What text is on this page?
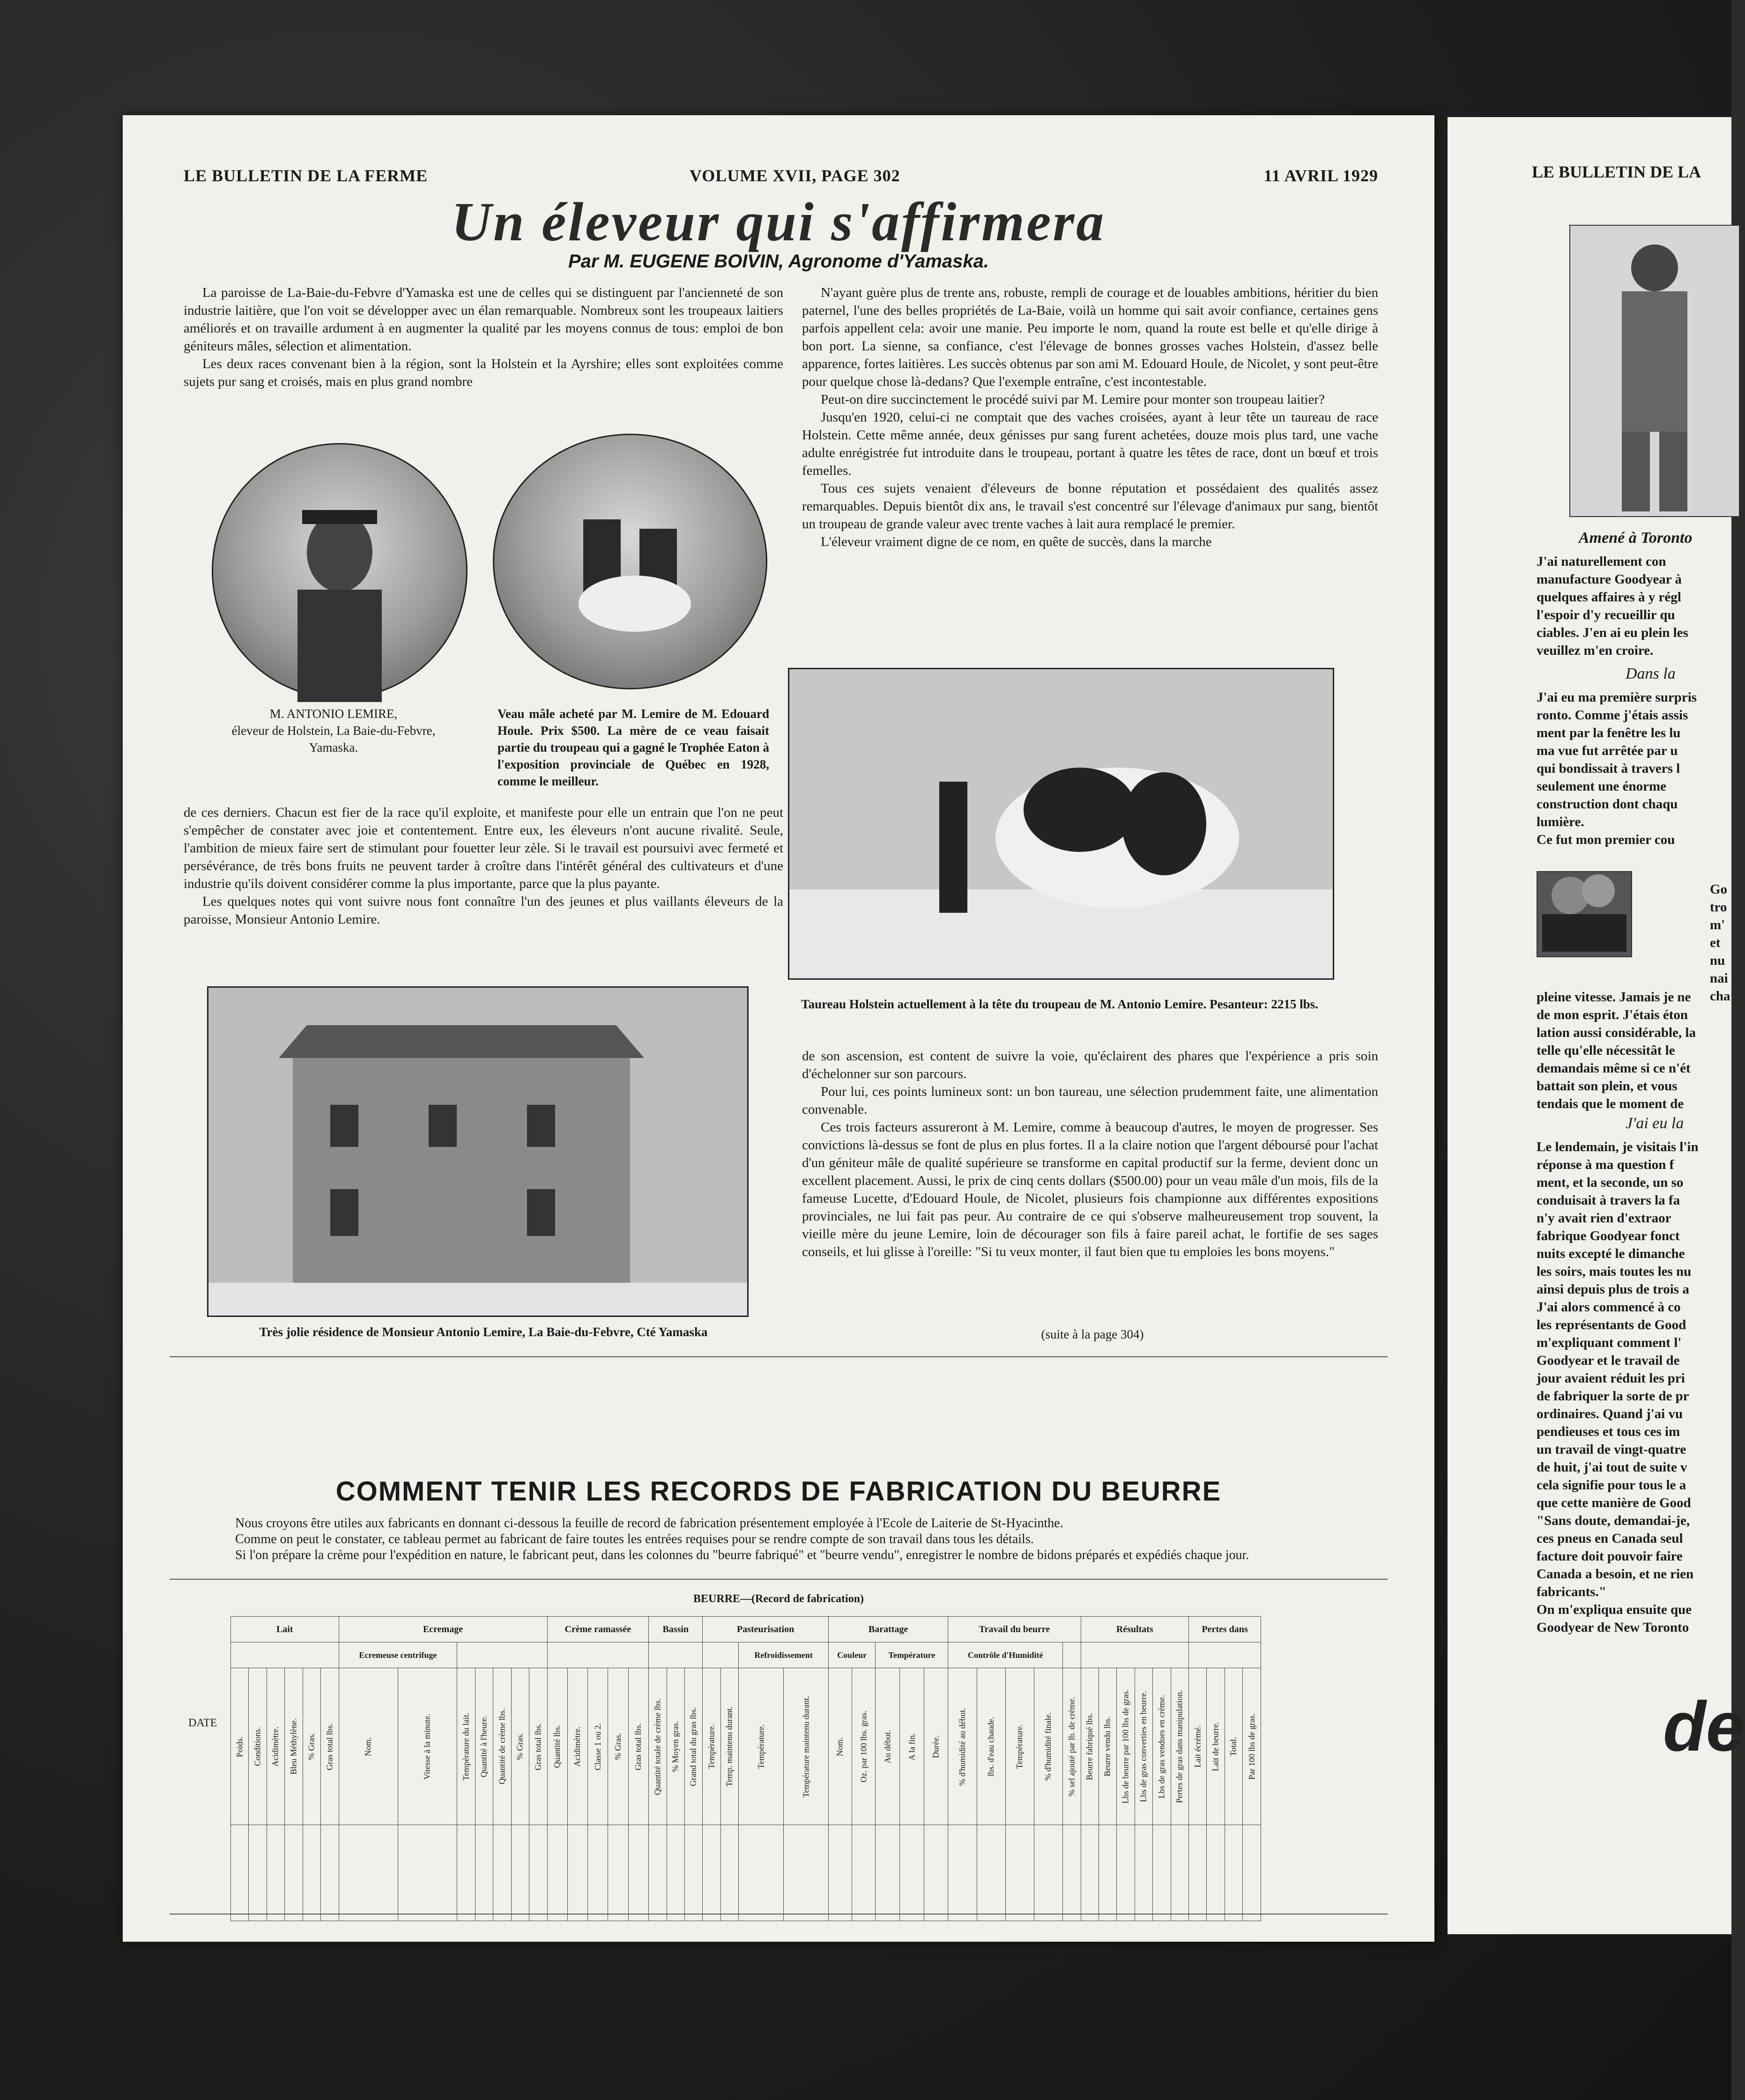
LE BULLETIN DE LA FERME	VOLUME XVII, PAGE 302	11 AVRIL 1929
Un éleveur qui s'affirmera
Par M. EUGENE BOIVIN, Agronome d'Yamaska.

La paroisse de La-Baie-du-Febvre d'Yamaska est une de celles qui se distinguent par l'ancienneté de son industrie laitière, que l'on voit se développer avec un élan remarquable. Nombreux sont les troupeaux laitiers améliorés et on travaille ardument à en augmenter la qualité par les moyens connus de tous: emploi de bon géniteurs mâles, sélection et alimentation.

Les deux races convenant bien à la région, sont la Holstein et la Ayrshire; elles sont exploitées comme sujets pur sang et croisés, mais en plus grand nombre

M. ANTONIO LEMIRE,
éleveur de Holstein, La Baie-du-Febvre,
Yamaska.
Veau mâle acheté par M. Lemire de M. Edouard Houle. Prix $500. La mère de ce veau faisait partie du troupeau qui a gagné le Trophée Eaton à l'exposition provinciale de Québec en 1928, comme le meilleur.

de ces derniers. Chacun est fier de la race qu'il exploite, et manifeste pour elle un entrain que l'on ne peut s'empêcher de constater avec joie et contentement. Entre eux, les éleveurs n'ont aucune rivalité. Seule, l'ambition de mieux faire sert de stimulant pour fouetter leur zèle. Si le travail est poursuivi avec fermeté et persévérance, de très bons fruits ne peuvent tarder à croître dans l'intérêt général des cultivateurs et d'une industrie qu'ils doivent considérer comme la plus importante, parce que la plus payante.

Les quelques notes qui vont suivre nous font connaître l'un des jeunes et plus vaillants éleveurs de la paroisse, Monsieur Antonio Lemire.

Très jolie résidence de Monsieur Antonio Lemire, La Baie-du-Febvre, Cté Yamaska

N'ayant guère plus de trente ans, robuste, rempli de courage et de louables ambitions, héritier du bien paternel, l'une des belles propriétés de La-Baie, voilà un homme qui sait avoir confiance, certaines gens parfois appellent cela: avoir une manie. Peu importe le nom, quand la route est belle et qu'elle dirige à bon port. La sienne, sa confiance, c'est l'élevage de bonnes grosses vaches Holstein, d'assez belle apparence, fortes laitières. Les succès obtenus par son ami M. Edouard Houle, de Nicolet, y sont peut-être pour quelque chose là-dedans? Que l'exemple entraîne, c'est incontestable.

Peut-on dire succinctement le procédé suivi par M. Lemire pour monter son troupeau laitier?

Jusqu'en 1920, celui-ci ne comptait que des vaches croisées, ayant à leur tête un taureau de race Holstein. Cette même année, deux génisses pur sang furent achetées, douze mois plus tard, une vache adulte enrégistrée fut introduite dans le troupeau, portant à quatre les têtes de race, dont un bœuf et trois femelles.

Tous ces sujets venaient d'éleveurs de bonne réputation et possédaient des qualités assez remarquables. Depuis bientôt dix ans, le travail s'est concentré sur l'élevage d'animaux pur sang, bientôt un troupeau de grande valeur avec trente vaches à lait aura remplacé le premier.

L'éleveur vraiment digne de ce nom, en quête de succès, dans la marche

Taureau Holstein actuellement à la tête du troupeau de M. Antonio Lemire. Pesanteur: 2215 lbs.

de son ascension, est content de suivre la voie, qu'éclairent des phares que l'expérience a pris soin d'échelonner sur son parcours.

Pour lui, ces points lumineux sont: un bon taureau, une sélection prudemment faite, une alimentation convenable.

Ces trois facteurs assureront à M. Lemire, comme à beaucoup d'autres, le moyen de progresser. Ses convictions là-dessus se font de plus en plus fortes. Il a la claire notion que l'argent déboursé pour l'achat d'un géniteur mâle de qualité supérieure se transforme en capital productif sur la ferme, devient donc un excellent placement. Aussi, le prix de cinq cents dollars ($500.00) pour un veau mâle d'un mois, fils de la fameuse Lucette, d'Edouard Houle, de Nicolet, plusieurs fois championne aux différentes expositions provinciales, ne lui fait pas peur. Au contraire de ce qui s'observe malheureusement trop souvent, la vieille mère du jeune Lemire, loin de décourager son fils à faire pareil achat, le fortifie de ses sages conseils, et lui glisse à l'oreille: "Si tu veux monter, il faut bien que tu emploies les bons moyens."

(suite à la page 304)
COMMENT TENIR LES RECORDS DE FABRICATION DU BEURRE

Nous croyons être utiles aux fabricants en donnant ci-dessous la feuille de record de fabrication présentement employée à l'Ecole de Laiterie de St-Hyacinthe.

Comme on peut le constater, ce tableau permet au fabricant de faire toutes les entrées requises pour se rendre compte de son travail dans tous les détails.

Si l'on prépare la crème pour l'expédition en nature, le fabricant peut, dans les colonnes du "beurre fabriqué" et "beurre vendu", enregistrer le nombre de bidons préparés et expédiés chaque jour.

BEURRE—(Record de fabrication)
DATE
Lait						Ecremage							Crème ramassée					Bassin			Pasteurisation				Barattage					Travail du beurre					Résultats						Pertes dans			
						Ecremeuse centrifuge																	Refroidissement		Couleur		Température			Contrôle d'Humidité														
Poids.	Conditions.	Acidimètre.	Bleu Méthylène.	% Gras.	Gras total lbs.	Nom.	Vitesse à la minute.	Température du lait.	Quantité à l'heure.	Quantité de crème lbs.	% Gras.	Gras total lbs.	Quantité lbs.	Acidimètre.	Classe 1 ou 2.	% Gras.	Gras total lbs.	Quantité totale de crème lbs.	% Moyen gras.	Grand total du gras lbs.	Température.	Temp. maintenu durant.	Température.	Température maintenu durant.	Nom.	Oz. par 100 lbs. gras.	Au début.	A la fin.	Durée.	% d'humidité au début.	lbs. d'eau chaude.	Température.	% d'humidité finale.	% sel ajouté par lb. de crème.	Beurre fabriqué lbs.	Beurre vendu lbs.	Lbs de beurre par 100 lbs de gras.	Lbs de gras converties en beurre.	Lbs de gras vendues en crème.	Pertes de gras dans manipulation.	Lait écrémé.	Lait de beurre.	Total.	Par 100 lbs de gras.

LE BULLETIN DE LA
Amené à Toronto

J'ai naturellement con

manufacture Goodyear à

quelques affaires à y régl

l'espoir d'y recueillir qu

ciables. J'en ai eu plein les

veuillez m'en croire.

Dans la

J'ai eu ma première surpris

ronto. Comme j'étais assis

ment par la fenêtre les lu

ma vue fut arrêtée par u

qui bondissait à travers l

seulement une énorme

construction dont chaqu

lumière.

Ce fut mon premier cou

Go

tro

m'

et

nu

nai

cha

pleine vitesse. Jamais je ne

de mon esprit. J'étais éton

lation aussi considérable, la

telle qu'elle nécessitât le

demandais même si ce n'ét

battait son plein, et vous

tendais que le moment de

J'ai eu la

Le lendemain, je visitais l'in

réponse à ma question f

ment, et la seconde, un so

conduisait à travers la fa

n'y avait rien d'extraor

fabrique Goodyear fonct

nuits excepté le dimanche

les soirs, mais toutes les nu

ainsi depuis plus de trois a

J'ai alors commencé à co

les représentants de Good

m'expliquant comment l'

Goodyear et le travail de

jour avaient réduit les pri

de fabriquer la sorte de pr

ordinaires. Quand j'ai vu

pendieuses et tous ces im

un travail de vingt-quatre

de huit, j'ai tout de suite v

cela signifie pour tous le a

que cette manière de Good

"Sans doute, demandai-je,

ces pneus en Canada seul

facture doit pouvoir faire

Canada a besoin, et ne rien

fabricants."

On m'expliqua ensuite que

Goodyear de New Toronto

de
